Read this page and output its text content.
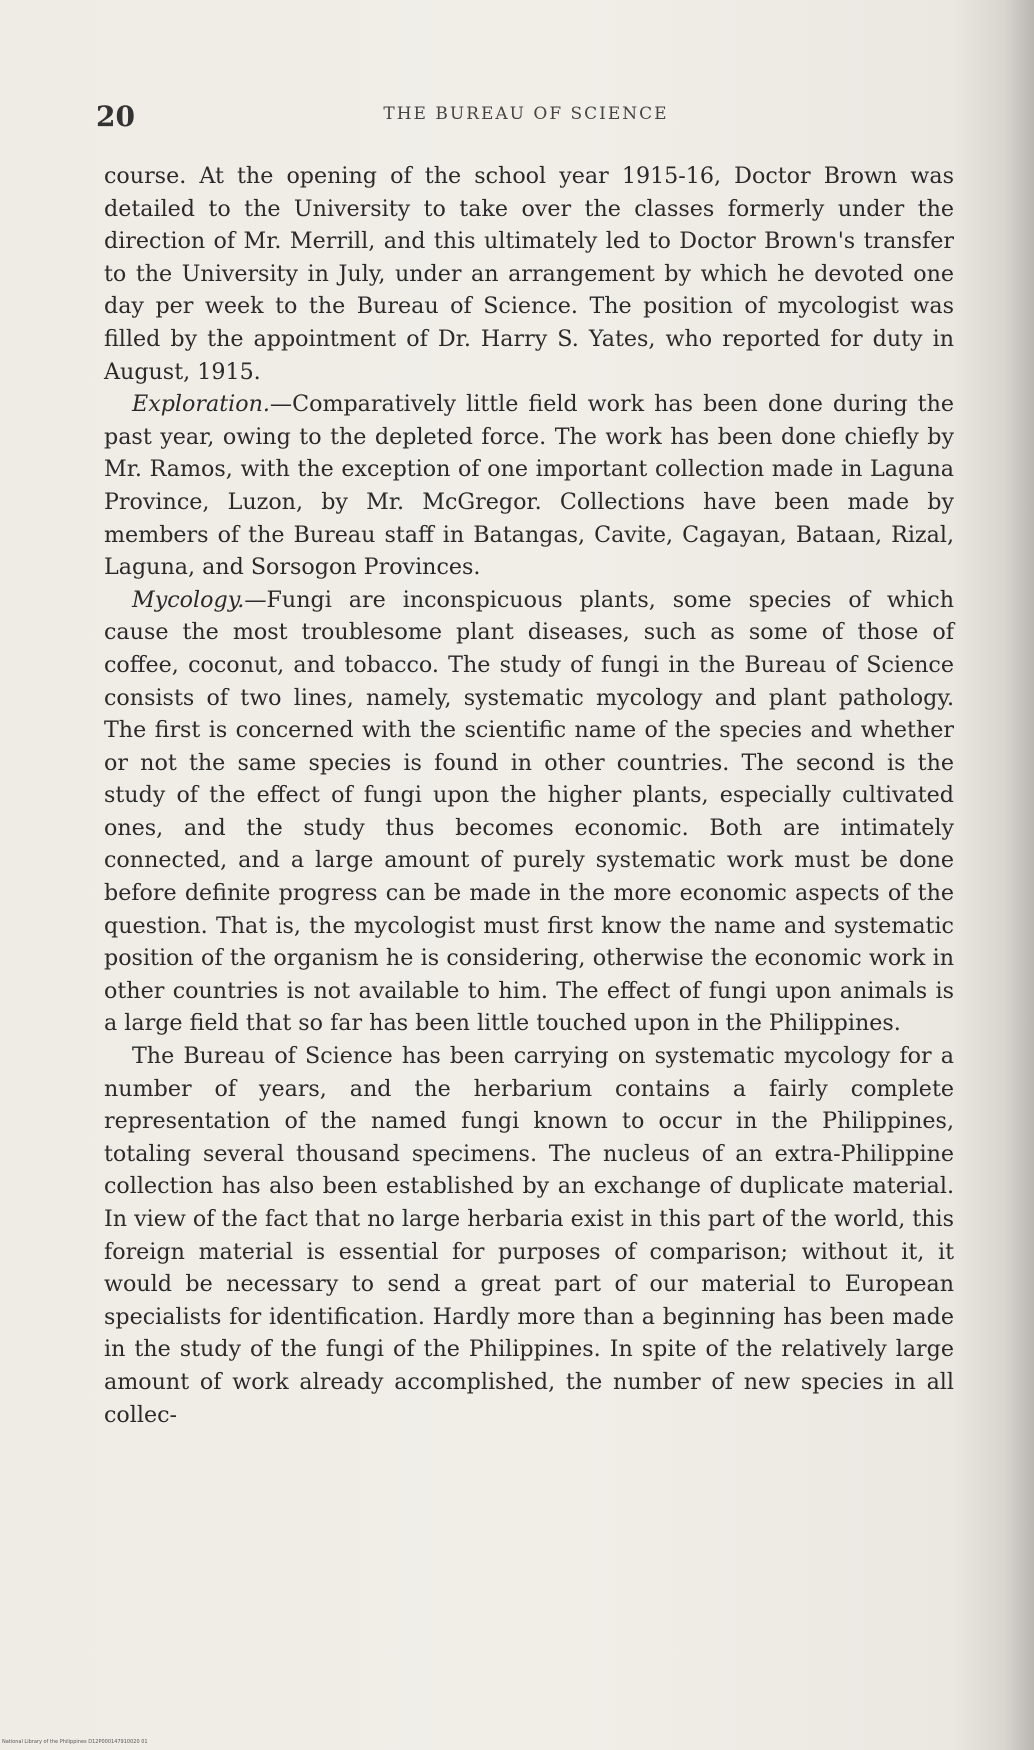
20	THE BUREAU OF SCIENCE

course. At the opening of the school year 1915-16, Doctor Brown was detailed to the University to take over the classes formerly under the direction of Mr. Merrill, and this ultimately led to Doctor Brown's transfer to the University in July, under an arrangement by which he devoted one day per week to the Bureau of Science. The position of mycologist was filled by the appointment of Dr. Harry S. Yates, who reported for duty in August, 1915.

Exploration.—Comparatively little field work has been done during the past year, owing to the depleted force. The work has been done chiefly by Mr. Ramos, with the exception of one important collection made in Laguna Province, Luzon, by Mr. McGregor. Collections have been made by members of the Bureau staff in Batangas, Cavite, Cagayan, Bataan, Rizal, Laguna, and Sorsogon Provinces.

Mycology.—Fungi are inconspicuous plants, some species of which cause the most troublesome plant diseases, such as some of those of coffee, coconut, and tobacco. The study of fungi in the Bureau of Science consists of two lines, namely, systematic mycology and plant pathology. The first is concerned with the scientific name of the species and whether or not the same species is found in other countries. The second is the study of the effect of fungi upon the higher plants, especially cultivated ones, and the study thus becomes economic. Both are intimately connected, and a large amount of purely systematic work must be done before definite progress can be made in the more economic aspects of the question. That is, the mycologist must first know the name and systematic position of the organism he is considering, otherwise the economic work in other countries is not available to him. The effect of fungi upon animals is a large field that so far has been little touched upon in the Philippines.

The Bureau of Science has been carrying on systematic mycology for a number of years, and the herbarium contains a fairly complete representation of the named fungi known to occur in the Philippines, totaling several thousand specimens. The nucleus of an extra-Philippine collection has also been established by an exchange of duplicate material. In view of the fact that no large herbaria exist in this part of the world, this foreign material is essential for purposes of comparison; without it, it would be necessary to send a great part of our material to European specialists for identification. Hardly more than a beginning has been made in the study of the fungi of the Philippines. In spite of the relatively large amount of work already accomplished, the number of new species in all collec-

National Library of the Philippines D12P000147910020 01
